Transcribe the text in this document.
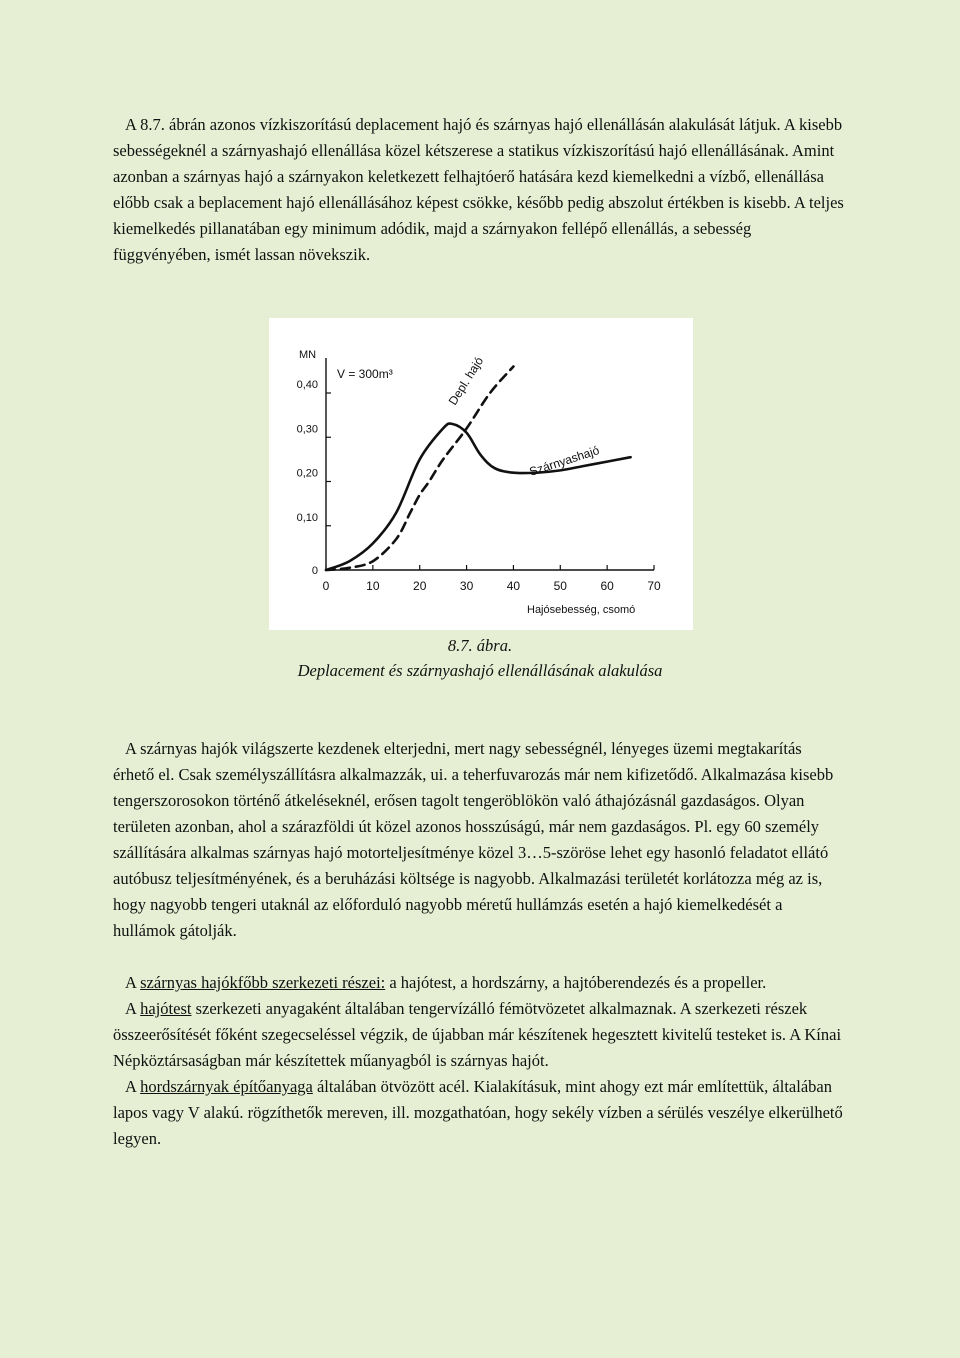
A 8.7. ábrán azonos vízkiszorítású deplacement hajó és szárnyas hajó ellenállásán alakulását látjuk. A kisebb sebességeknél a szárnyashajó ellenállása közel kétszerese a statikus vízkiszorítású hajó ellenállásának. Amint azonban a szárnyas hajó a szárnyakon keletkezett felhajtóerő hatására kezd kiemelkedni a vízbő, ellenállása előbb csak a beplacement hajó ellenállásához képest csökke, később pedig abszolut értékben is kisebb. A teljes kiemelkedés pillanatában egy minimum adódik, majd a szárnyakon fellépő ellenállás, a sebesség függvényében, ismét lassan növekszik.

MN
V = 300m³
Hajósebesség, csomó
0	10	20	30	40	50	60	70
0
0,10
0,20
0,30
0,40	Depl. hajó
Szárnyashajó
8.7. ábra.
Deplacement és szárnyashajó ellenállásának alakulása

A szárnyas hajók világszerte kezdenek elterjedni, mert nagy sebességnél, lényeges üzemi megtakarítás érhető el. Csak személyszállításra alkalmazzák, ui. a teherfuvarozás már nem kifizetődő. Alkalmazása kisebb tengerszorosokon történő átkeléseknél, erősen tagolt tengeröblökön való áthajózásnál gazdaságos. Olyan területen azonban, ahol a szárazföldi út közel azonos hosszúságú, már nem gazdaságos. Pl. egy 60 személy szállítására alkalmas szárnyas hajó motorteljesítménye közel 3…5-szöröse lehet egy hasonló feladatot ellátó autóbusz teljesítményének, és a beruházási költsége is nagyobb. Alkalmazási területét korlátozza még az is, hogy nagyobb tengeri utaknál az előforduló nagyobb méretű hullámzás esetén a hajó kiemelkedését a hullámok gátolják.

A szárnyas hajókfőbb szerkezeti részei: a hajótest, a hordszárny, a hajtóberendezés és a propeller.

A hajótest szerkezeti anyagaként általában tengervízálló fémötvözetet alkalmaznak. A szerkezeti részek összeerősítését főként szegecseléssel végzik, de újabban már készítenek hegesztett kivitelű testeket is. A Kínai Népköztársaságban már készítettek műanyagból is szárnyas hajót.

A hordszárnyak építőanyaga általában ötvözött acél. Kialakításuk, mint ahogy ezt már említettük, általában lapos vagy V alakú. rögzíthetők mereven, ill. mozgathatóan, hogy sekély vízben a sérülés veszélye elkerülhető legyen.
